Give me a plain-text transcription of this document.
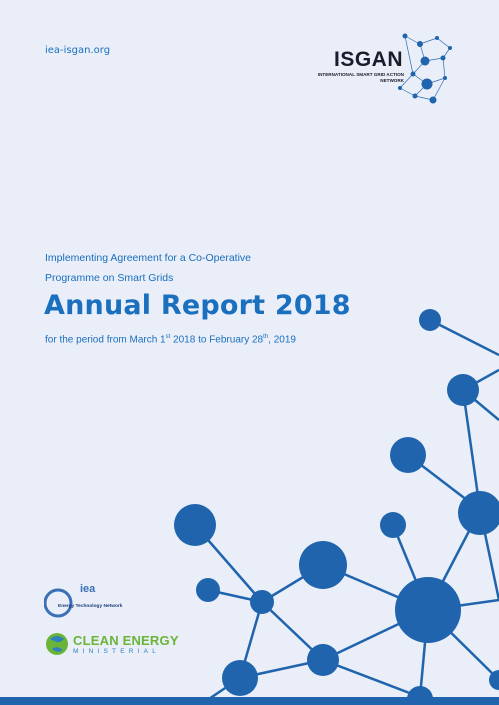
iea-isgan.org	ISGAN
INTERNATIONAL SMART GRID ACTION NETWORK
Implementing Agreement for a Co-Operative
Programme on Smart Grids
Annual Report 2018
for the period from March 1st 2018 to February 28th, 2019
iea
Energy Technology Network
CLEAN ENERGY
MINISTERIAL
